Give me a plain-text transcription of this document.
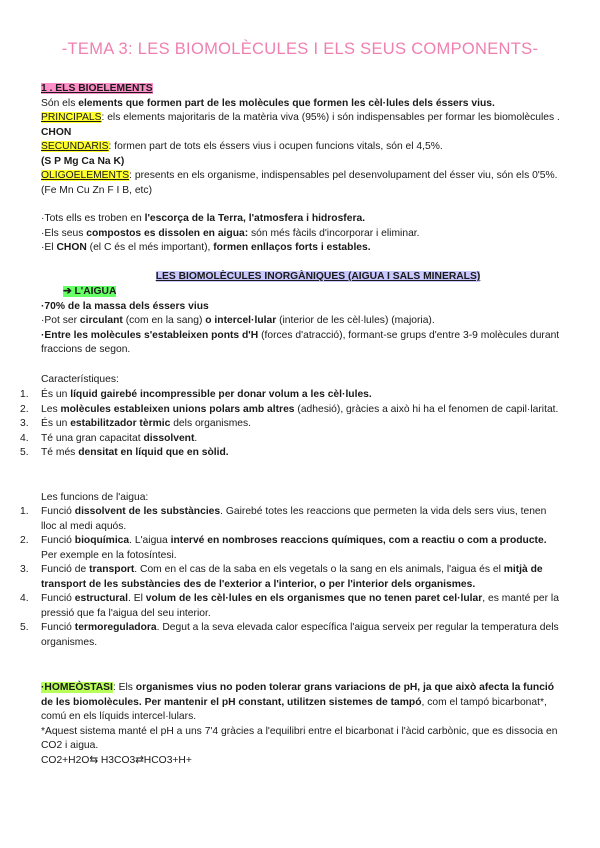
-TEMA 3: LES BIOMOLÈCULES I ELS SEUS COMPONENTS-
1 . ELS BIOELEMENTS
Són els elements que formen part de les molècules que formen les cèl·lules dels éssers vius.
PRINCIPALS: els elements majoritaris de la matèria viva (95%) i són indispensables per formar les biomolècules . CHON
SECUNDARIS: formen part de tots els éssers vius i ocupen funcions vitals, són el 4,5%.
(S P Mg Ca Na K)
OLIGOELEMENTS: presents en els organisme, indispensables pel desenvolupament del ésser viu, són els 0'5%. (Fe Mn Cu Zn F I B, etc)
·Tots ells es troben en l'escorça de la Terra, l'atmosfera i hidrosfera.
·Els seus compostos es dissolen en aigua: són més fàcils d'incorporar i eliminar.
·El CHON (el C és el més important), formen enllaços forts i estables.
LES BIOMOLÈCULES INORGÀNIQUES (AIGUA I SALS MINERALS)
➔ L'AIGUA
·70% de la massa dels éssers vius
·Pot ser circulant (com en la sang) o intercel·lular (interior de les cèl·lules) (majoria).
·Entre les molècules s'estableixen ponts d'H (forces d'atracció), formant-se grups d'entre 3-9 molècules durant fraccions de segon.
Característiques:
1. És un líquid gairebé incompressible per donar volum a les cèl·lules.
2. Les molècules estableixen unions polars amb altres (adhesió), gràcies a això hi ha el fenomen de capil·laritat.
3. És un estabilitzador tèrmic dels organismes.
4. Té una gran capacitat dissolvent.
5. Té més densitat en líquid que en sòlid.
Les funcions de l'aigua:
1. Funció dissolvent de les substàncies. Gairebé totes les reaccions que permeten la vida dels sers vius, tenen lloc al medi aquós.
2. Funció bioquímica. L'aigua intervé en nombroses reaccions químiques, com a reactiu o com a producte. Per exemple en la fotosíntesi.
3. Funció de transport. Com en el cas de la saba en els vegetals o la sang en els animals, l'aigua és el mitjà de transport de les substàncies des de l'exterior a l'interior, o per l'interior dels organismes.
4. Funció estructural. El volum de les cèl·lules en els organismes que no tenen paret cel·lular, es manté per la pressió que fa l'aigua del seu interior.
5. Funció termoreguladora. Degut a la seva elevada calor específica l'aigua serveix per regular la temperatura dels organismes.
·HOMEÒSTASI: Els organismes vius no poden tolerar grans variacions de pH, ja que això afecta la funció de les biomolècules. Per mantenir el pH constant, utilitzen sistemes de tampó, com el tampó bicarbonat*, comú en els líquids intercel·lulars.
*Aquest sistema manté el pH a uns 7'4 gràcies a l'equilibri entre el bicarbonat i l'àcid carbònic, que es dissocia en CO2 i aigua.
CO2+H2O⇆ H3CO3⇄HCO3+H+
